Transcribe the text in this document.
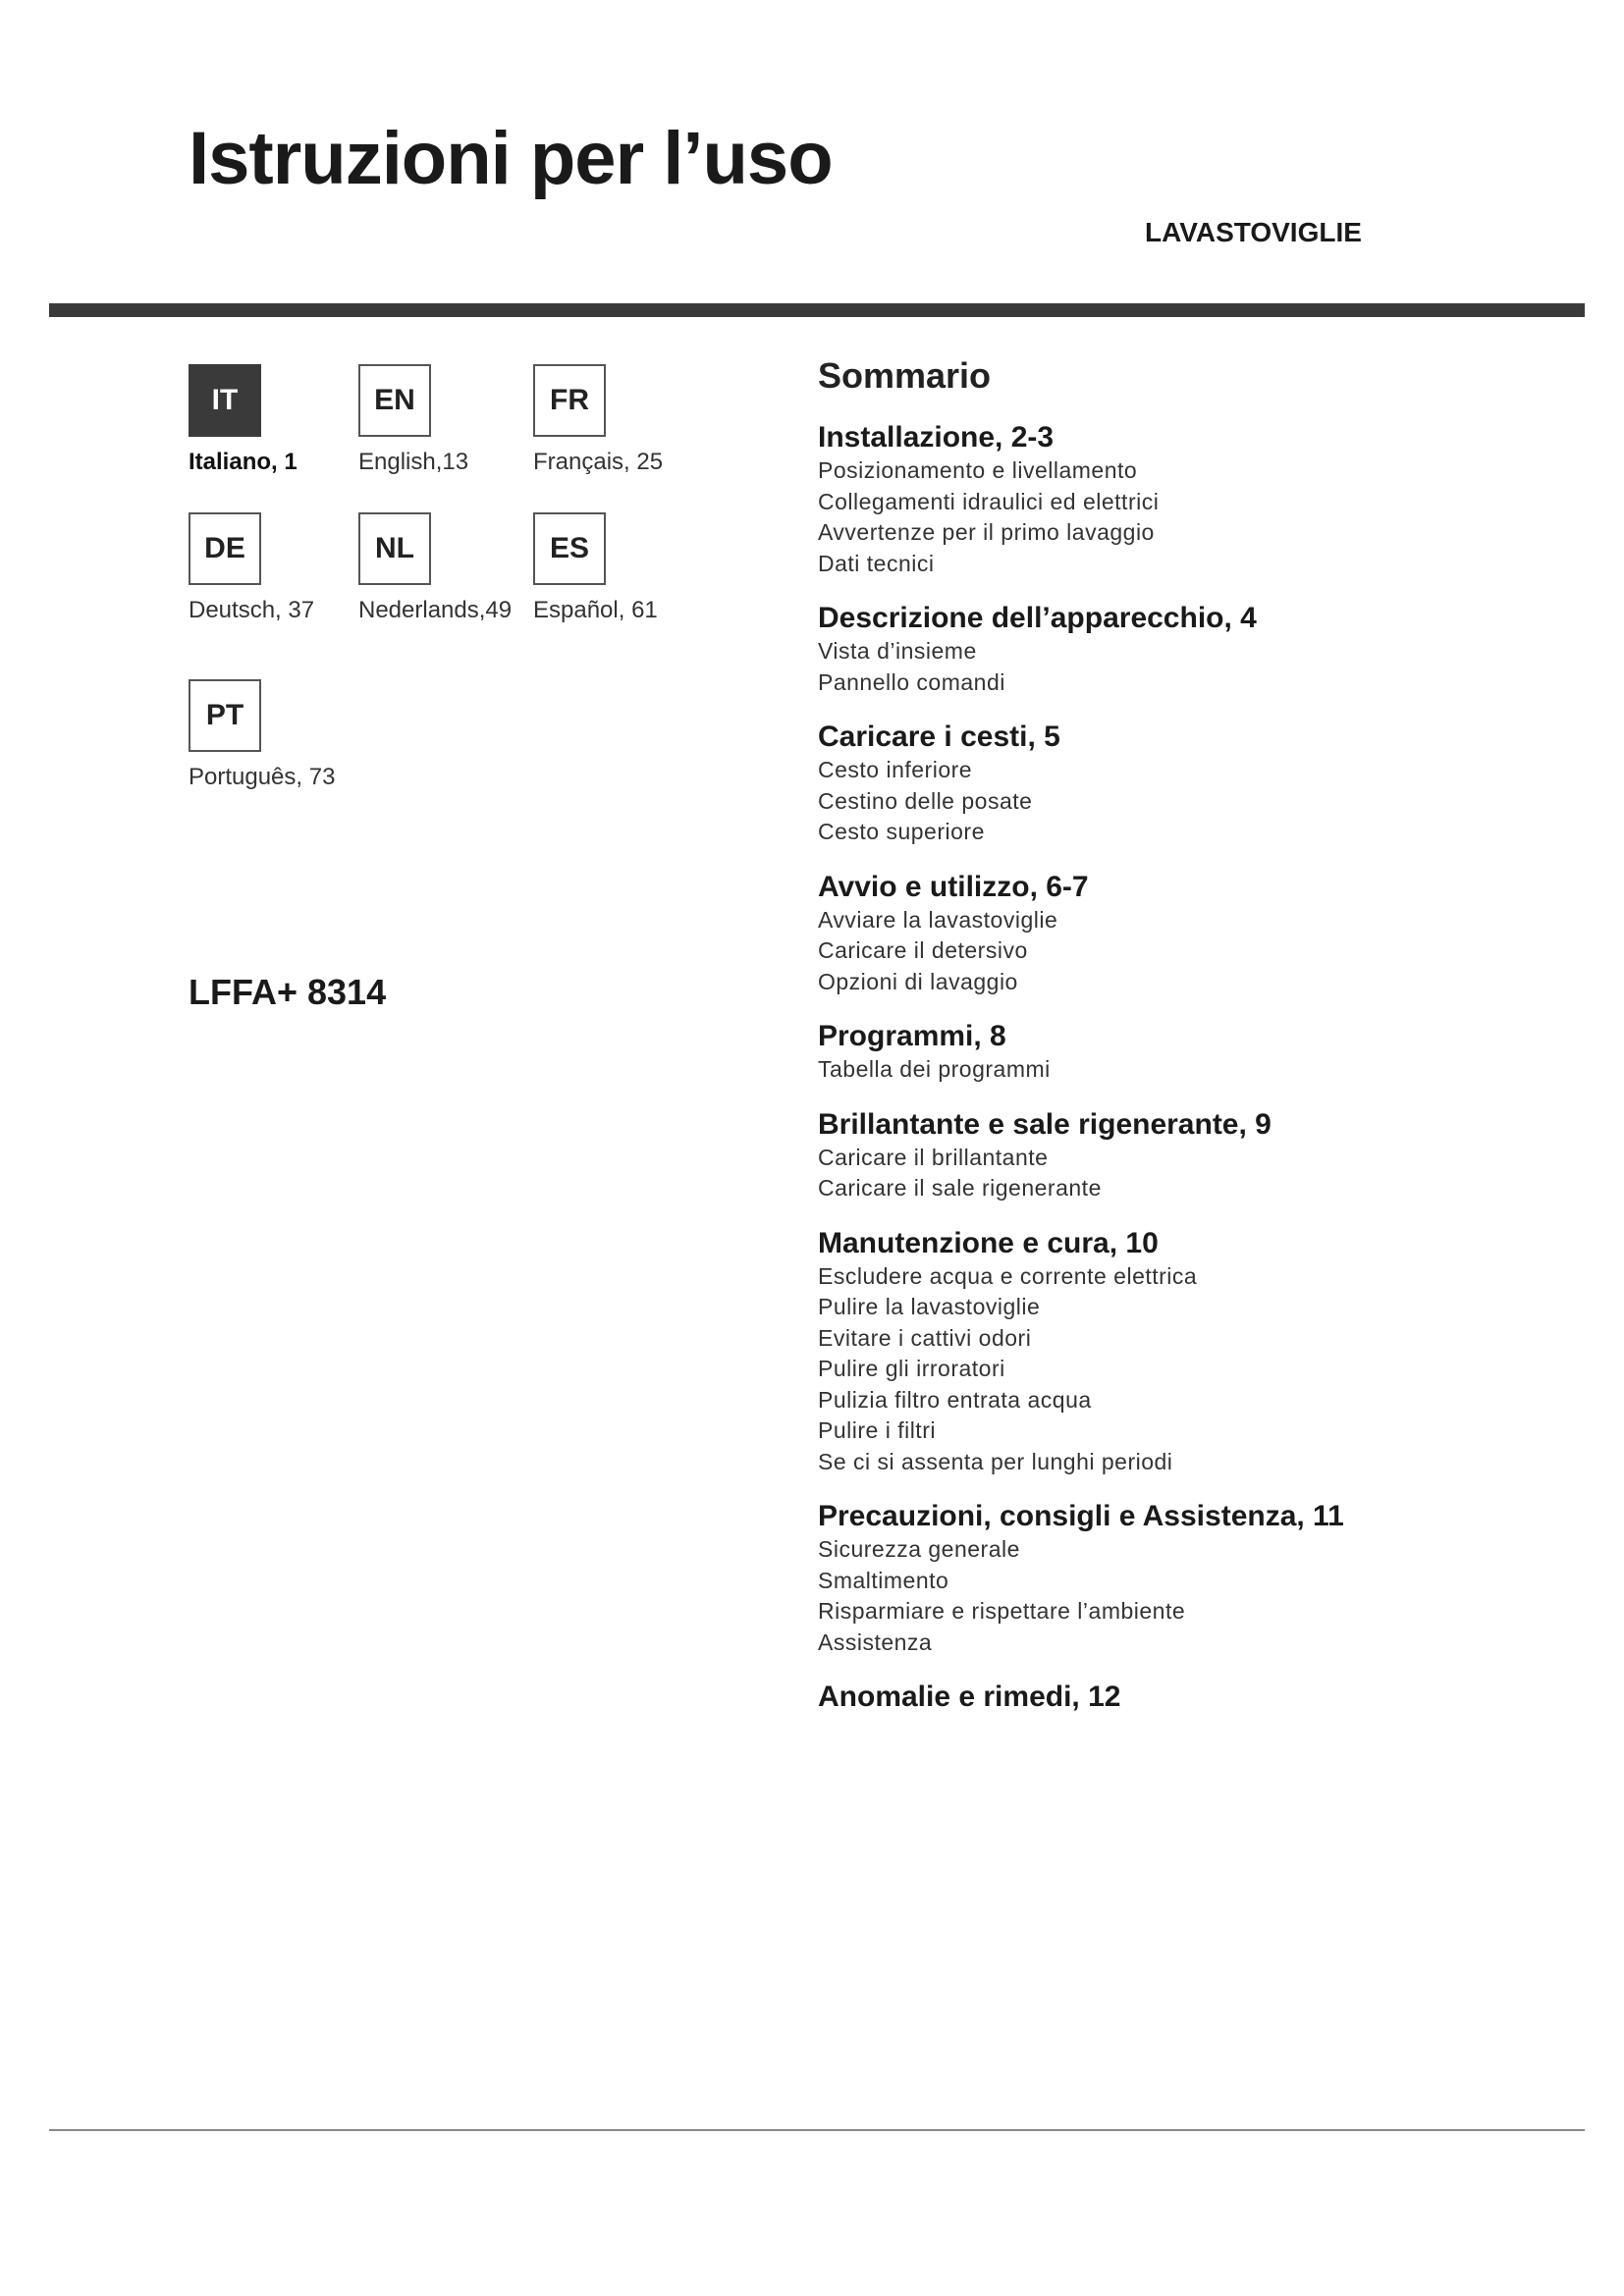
Istruzioni per l’uso
LAVASTOVIGLIE
IT
Italiano, 1
EN
English,13
FR
Français, 25
DE
Deutsch, 37
NL
Nederlands,49
ES
Español, 61
PT
Português, 73
LFFA+ 8314
Sommario
Installazione, 2-3
Posizionamento e livellamento
Collegamenti idraulici ed elettrici
Avvertenze per il primo lavaggio
Dati tecnici
Descrizione dell’apparecchio, 4
Vista d’insieme
Pannello comandi
Caricare i cesti, 5
Cesto inferiore
Cestino delle posate
Cesto superiore
Avvio e utilizzo, 6-7
Avviare la lavastoviglie
Caricare il detersivo
Opzioni di lavaggio
Programmi, 8
Tabella dei programmi
Brillantante e sale rigenerante, 9
Caricare il brillantante
Caricare il sale rigenerante
Manutenzione e cura, 10
Escludere acqua e corrente elettrica
Pulire la lavastoviglie
Evitare i cattivi odori
Pulire gli irroratori
Pulizia filtro entrata acqua
Pulire i filtri
Se ci si assenta per lunghi periodi
Precauzioni, consigli e Assistenza, 11
Sicurezza generale
Smaltimento
Risparmiare e rispettare l’ambiente
Assistenza
Anomalie e rimedi, 12
